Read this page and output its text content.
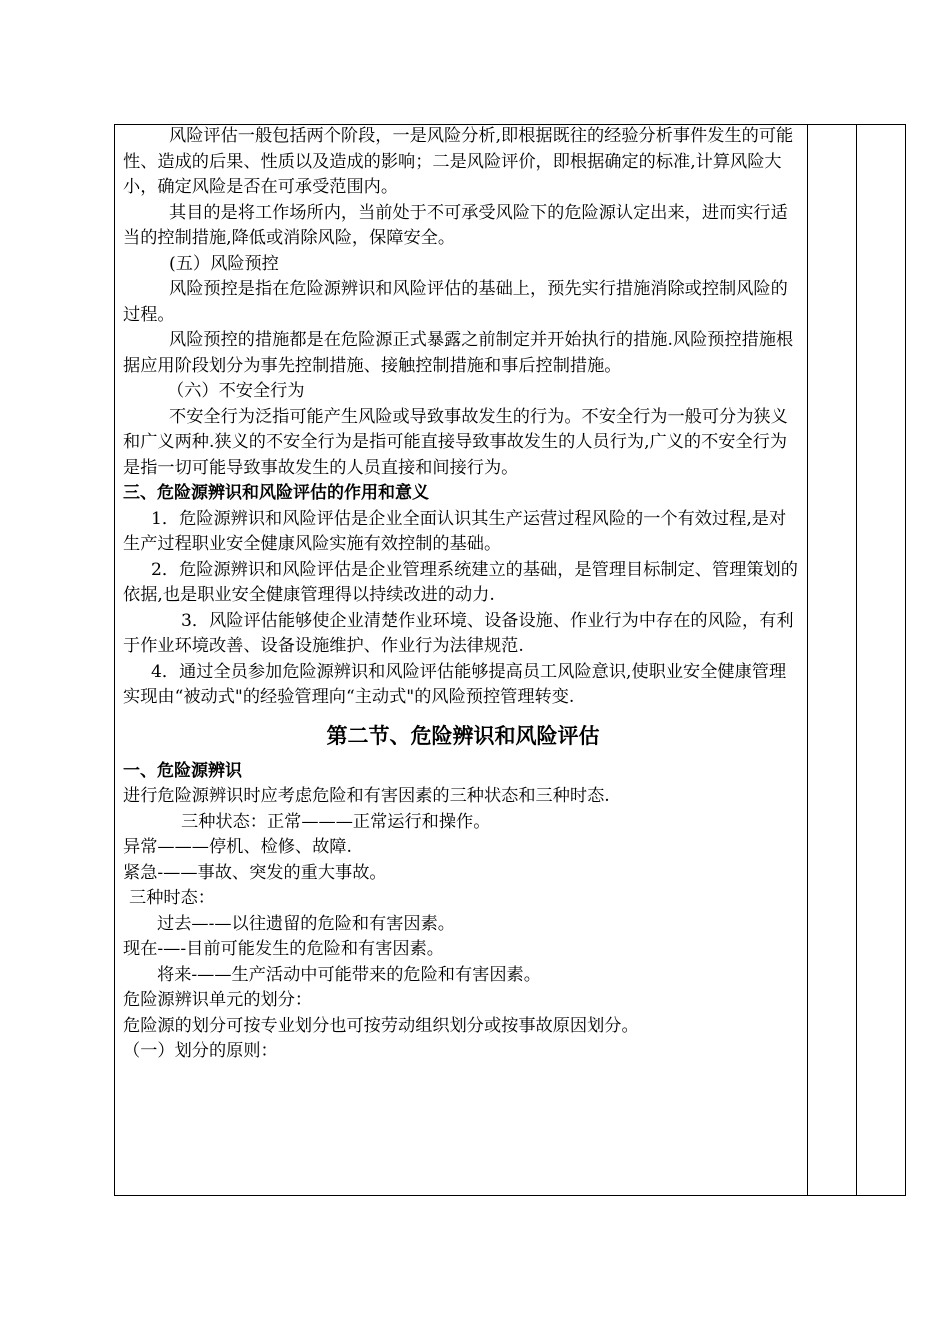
风险评估一般包括两个阶段，一是风险分析,即根据既往的经验分析事件发生的可能性、造成的后果、性质以及造成的影响；二是风险评价，即根据确定的标准,计算风险大小，确定风险是否在可承受范围内。

其目的是将工作场所内，当前处于不可承受风险下的危险源认定出来，进而实行适当的控制措施,降低或消除风险，保障安全。

(五）风险预控

风险预控是指在危险源辨识和风险评估的基础上，预先实行措施消除或控制风险的过程。

风险预控的措施都是在危险源正式暴露之前制定并开始执行的措施.风险预控措施根据应用阶段划分为事先控制措施、接触控制措施和事后控制措施。

（六）不安全行为

不安全行为泛指可能产生风险或导致事故发生的行为。不安全行为一般可分为狭义和广义两种.狭义的不安全行为是指可能直接导致事故发生的人员行为,广义的不安全行为是指一切可能导致事故发生的人员直接和间接行为。

三、危险源辨识和风险评估的作用和意义

1．危险源辨识和风险评估是企业全面认识其生产运营过程风险的一个有效过程,是对生产过程职业安全健康风险实施有效控制的基础。

2．危险源辨识和风险评估是企业管理系统建立的基础，是管理目标制定、管理策划的依据,也是职业安全健康管理得以持续改进的动力.

3．风险评估能够使企业清楚作业环境、设备设施、作业行为中存在的风险，有利于作业环境改善、设备设施维护、作业行为法律规范.

4．通过全员参加危险源辨识和风险评估能够提高员工风险意识,使职业安全健康管理实现由“被动式"的经验管理向“主动式"的风险预控管理转变.

第二节、危险辨识和风险评估

一、危险源辨识

进行危险源辨识时应考虑危险和有害因素的三种状态和三种时态.

三种状态：正常———正常运行和操作。

异常———停机、检修、故障.

紧急-——事故、突发的重大事故。

三种时态：

过去—-—以往遗留的危险和有害因素。

现在-—-目前可能发生的危险和有害因素。

将来-——生产活动中可能带来的危险和有害因素。

危险源辨识单元的划分：

危险源的划分可按专业划分也可按劳动组织划分或按事故原因划分。

（一）划分的原则：
